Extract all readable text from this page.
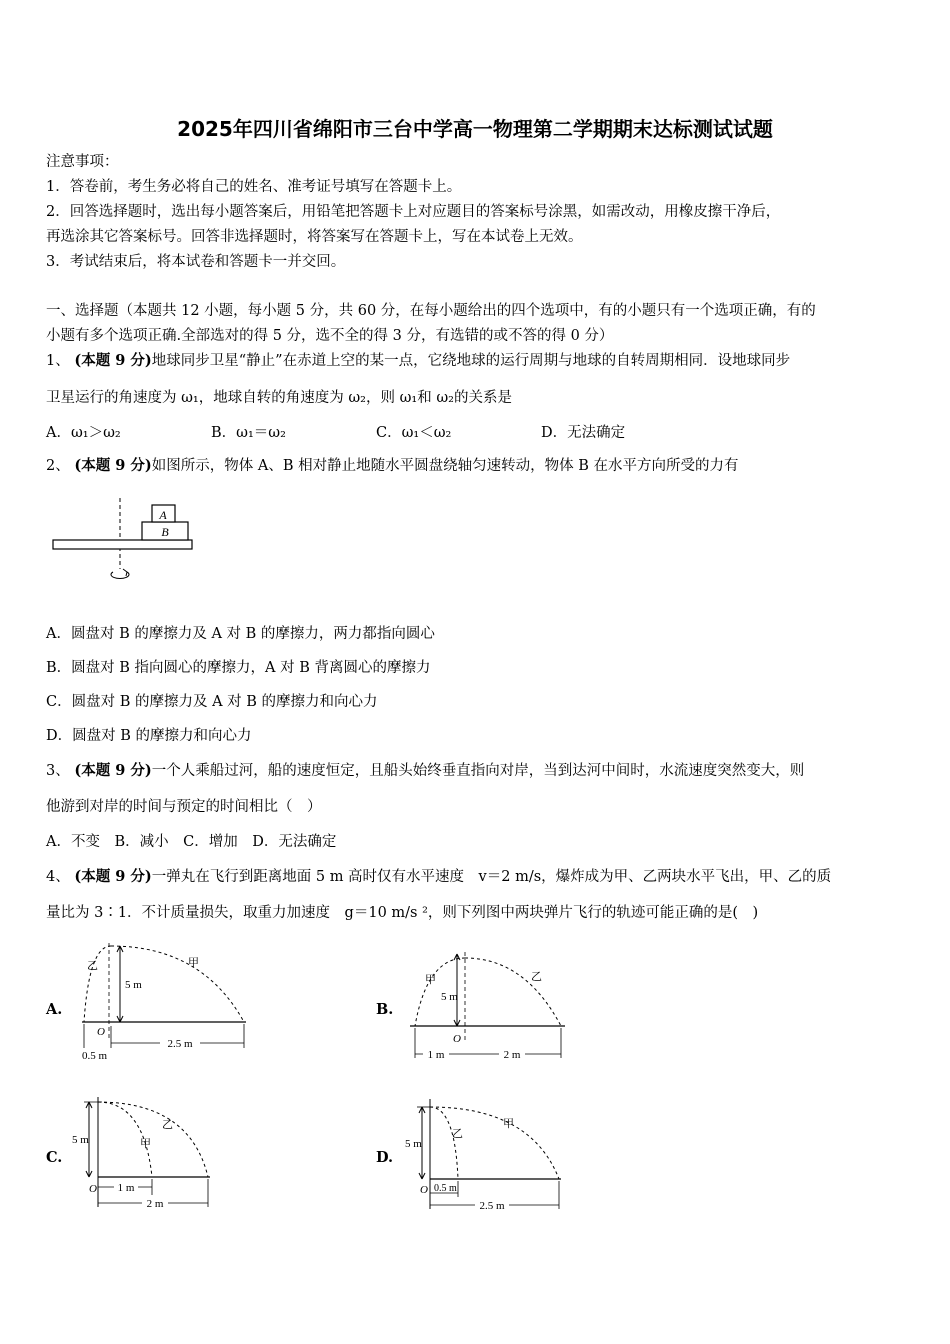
2025年四川省绵阳市三台中学高一物理第二学期期末达标测试试题
注意事项：
1．答卷前，考生务必将自己的姓名、准考证号填写在答题卡上。
2．回答选择题时，选出每小题答案后，用铅笔把答题卡上对应题目的答案标号涂黑，如需改动，用橡皮擦干净后，
再选涂其它答案标号。回答非选择题时，将答案写在答题卡上，写在本试卷上无效。
3．考试结束后，将本试卷和答题卡一并交回。
一、选择题（本题共 12 小题，每小题 5 分，共 60 分，在每小题给出的四个选项中，有的小题只有一个选项正确，有的
小题有多个选项正确.全部选对的得 5 分，选不全的得 3 分，有选错的或不答的得 0 分）
1、 (本题 9 分)地球同步卫星“静止”在赤道上空的某一点，它绕地球的运行周期与地球的自转周期相同．设地球同步
卫星运行的角速度为 ω₁，地球自转的角速度为 ω₂，则 ω₁和 ω₂的关系是
A．ω₁＞ω₂	B．ω₁＝ω₂	C．ω₁＜ω₂	D．无法确定
2、 (本题 9 分)如图所示，物体 A、B 相对静止地随水平圆盘绕轴匀速转动，物体 B 在水平方向所受的力有
A
B
A．圆盘对 B 的摩擦力及 A 对 B 的摩擦力，两力都指向圆心
B．圆盘对 B 指向圆心的摩擦力，A 对 B 背离圆心的摩擦力
C．圆盘对 B 的摩擦力及 A 对 B 的摩擦力和向心力
D．圆盘对 B 的摩擦力和向心力
3、 (本题 9 分)一个人乘船过河，船的速度恒定，且船头始终垂直指向对岸，当到达河中间时，水流速度突然变大，则
他游到对岸的时间与预定的时间相比（　）
A．不变　B．减小　C．增加　D．无法确定
4、 (本题 9 分)一弹丸在飞行到距离地面 5 m 高时仅有水平速度　v＝2 m/s，爆炸成为甲、乙两块水平飞出，甲、乙的质
量比为 3∶1．不计质量损失，取重力加速度　g＝10 m/s ²，则下列图中两块弹片飞行的轨迹可能正确的是(　)
A.
甲
乙
5 m
O
2.5 m
0.5 m
B.
乙
甲
5 m
O
1 m	2 m
C.
乙
甲
5 m
O 1 m
2 m
D.
甲
乙
5 m
O 0.5 m
2.5 m
